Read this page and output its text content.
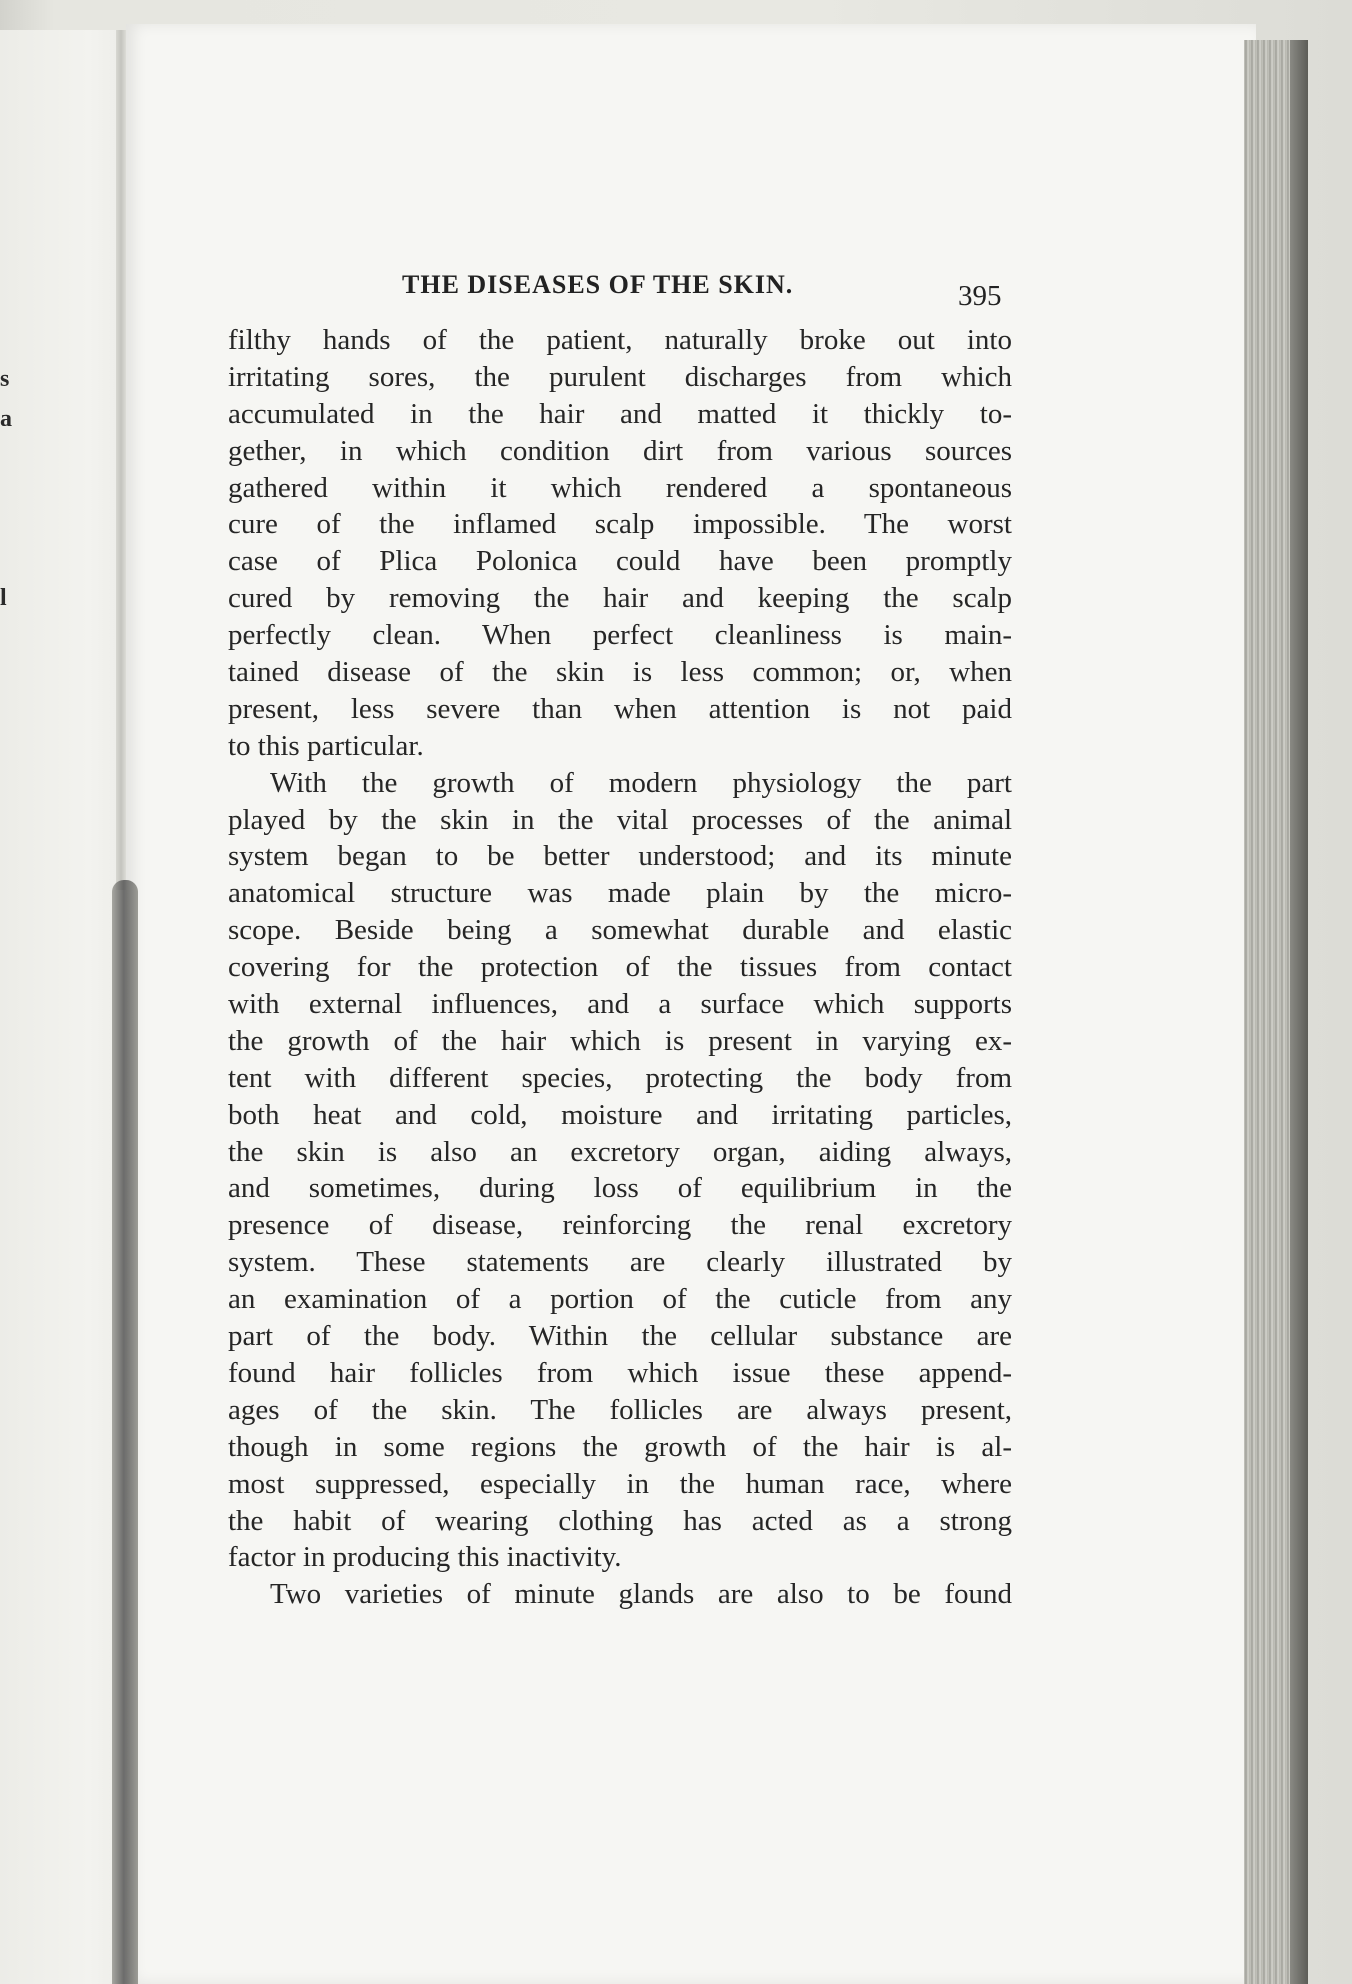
s
a
l
THE DISEASES OF THE SKIN.	395
filthy hands of the patient, naturally broke out into
irritating sores, the purulent discharges from which
accumulated in the hair and matted it thickly to-
gether, in which condition dirt from various sources
gathered within it which rendered a spontaneous
cure of the inflamed scalp impossible. The worst
case of Plica Polonica could have been promptly
cured by removing the hair and keeping the scalp
perfectly clean. When perfect cleanliness is main-
tained disease of the skin is less common; or, when
present, less severe than when attention is not paid
to this particular.
With the growth of modern physiology the part
played by the skin in the vital processes of the animal
system began to be better understood; and its minute
anatomical structure was made plain by the micro-
scope. Beside being a somewhat durable and elastic
covering for the protection of the tissues from contact
with external influences, and a surface which supports
the growth of the hair which is present in varying ex-
tent with different species, protecting the body from
both heat and cold, moisture and irritating particles,
the skin is also an excretory organ, aiding always,
and sometimes, during loss of equilibrium in the
presence of disease, reinforcing the renal excretory
system. These statements are clearly illustrated by
an examination of a portion of the cuticle from any
part of the body. Within the cellular substance are
found hair follicles from which issue these append-
ages of the skin. The follicles are always present,
though in some regions the growth of the hair is al-
most suppressed, especially in the human race, where
the habit of wearing clothing has acted as a strong
factor in producing this inactivity.
Two varieties of minute glands are also to be found
